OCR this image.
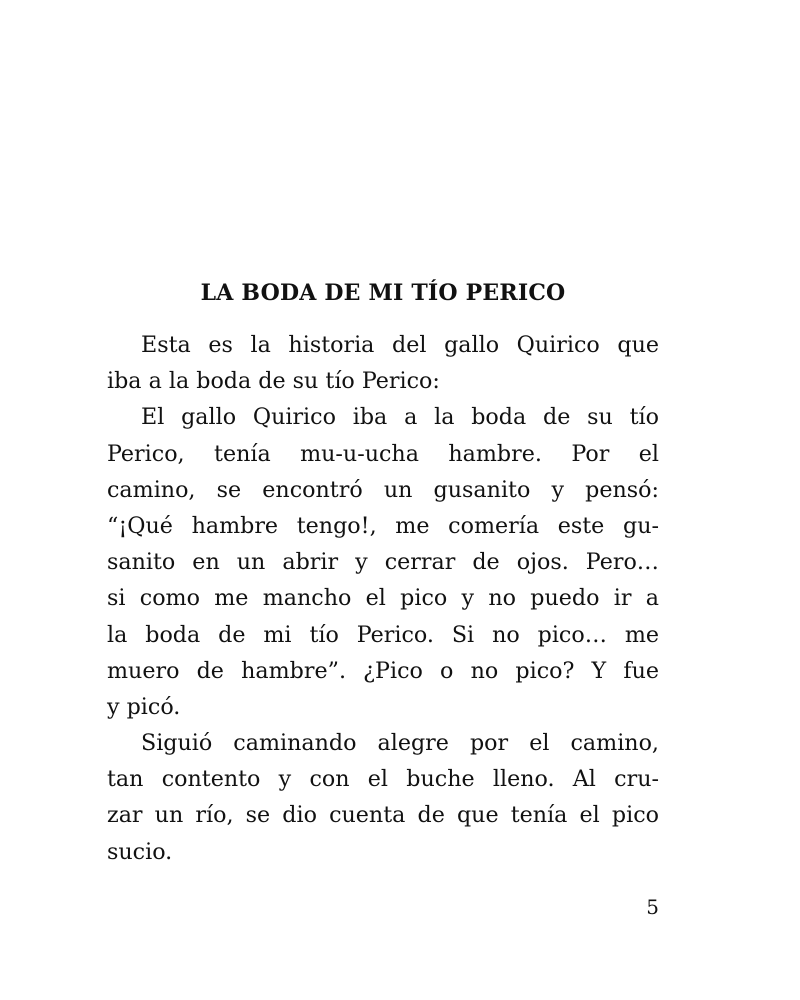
LA BODA DE MI TÍO PERICO
Esta es la historia del gallo Quirico que
iba a la boda de su tío Perico:
El gallo Quirico iba a la boda de su tío
Perico, tenía mu-u-ucha hambre. Por el
camino, se encontró un gusanito y pensó:
“¡Qué hambre tengo!, me comería este gu-
sanito en un abrir y cerrar de ojos. Pero…
si como me mancho el pico y no puedo ir a
la boda de mi tío Perico. Si no pico… me
muero de hambre”. ¿Pico o no pico? Y fue
y picó.
Siguió caminando alegre por el camino,
tan contento y con el buche lleno. Al cru-
zar un río, se dio cuenta de que tenía el pico
sucio.
5
